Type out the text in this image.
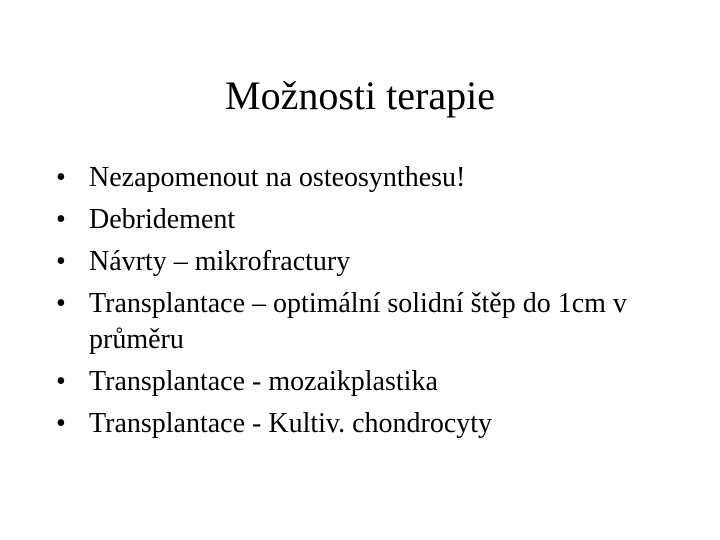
Možnosti terapie
• Nezapomenout na osteosynthesu!
• Debridement
• Návrty – mikrofractury
• Transplantace – optimální solidní štěp do 1cm v průměru
• Transplantace - mozaikplastika
• Transplantace - Kultiv. chondrocyty
